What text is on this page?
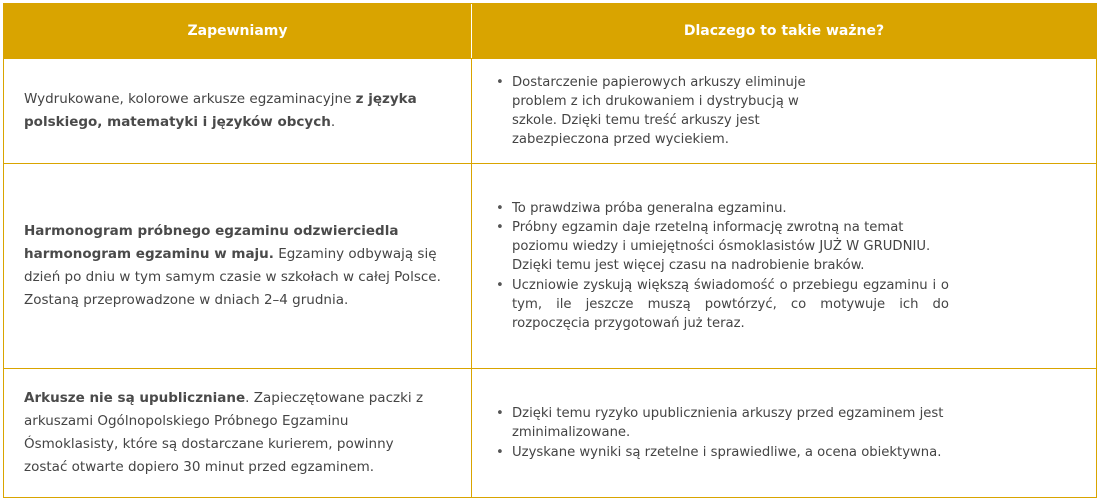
Zapewniamy	Dlaczego to takie ważne?
Wydrukowane, kolorowe arkusze egzaminacyjne z języka polskiego, matematyki i języków obcych.
• Dostarczenie papierowych arkuszy eliminuje problem z ich drukowaniem i dystrybucją w szkole. Dzięki temu treść arkuszy jest zabezpieczona przed wyciekiem.
Harmonogram próbnego egzaminu odzwierciedla harmonogram egzaminu w maju. Egzaminy odbywają się dzień po dniu w tym samym czasie w szkołach w całej Polsce. Zostaną przeprowadzone w dniach 2–4 grudnia.
• To prawdziwa próba generalna egzaminu.
• Próbny egzamin daje rzetelną informację zwrotną na temat poziomu wiedzy i umiejętności ósmoklasistów JUŻ W GRUDNIU. Dzięki temu jest więcej czasu na nadrobienie braków.
• Uczniowie zyskują większą świadomość o przebiegu egzaminu i o tym, ile jeszcze muszą powtórzyć, co motywuje ich do rozpoczęcia przygotowań już teraz.
Arkusze nie są upubliczniane. Zapieczętowane paczki z arkuszami Ogólnopolskiego Próbnego Egzaminu Ósmoklasisty, które są dostarczane kurierem, powinny zostać otwarte dopiero 30 minut przed egzaminem.
• Dzięki temu ryzyko upublicznienia arkuszy przed egzaminem jest zminimalizowane.
• Uzyskane wyniki są rzetelne i sprawiedliwe, a ocena obiektywna.
